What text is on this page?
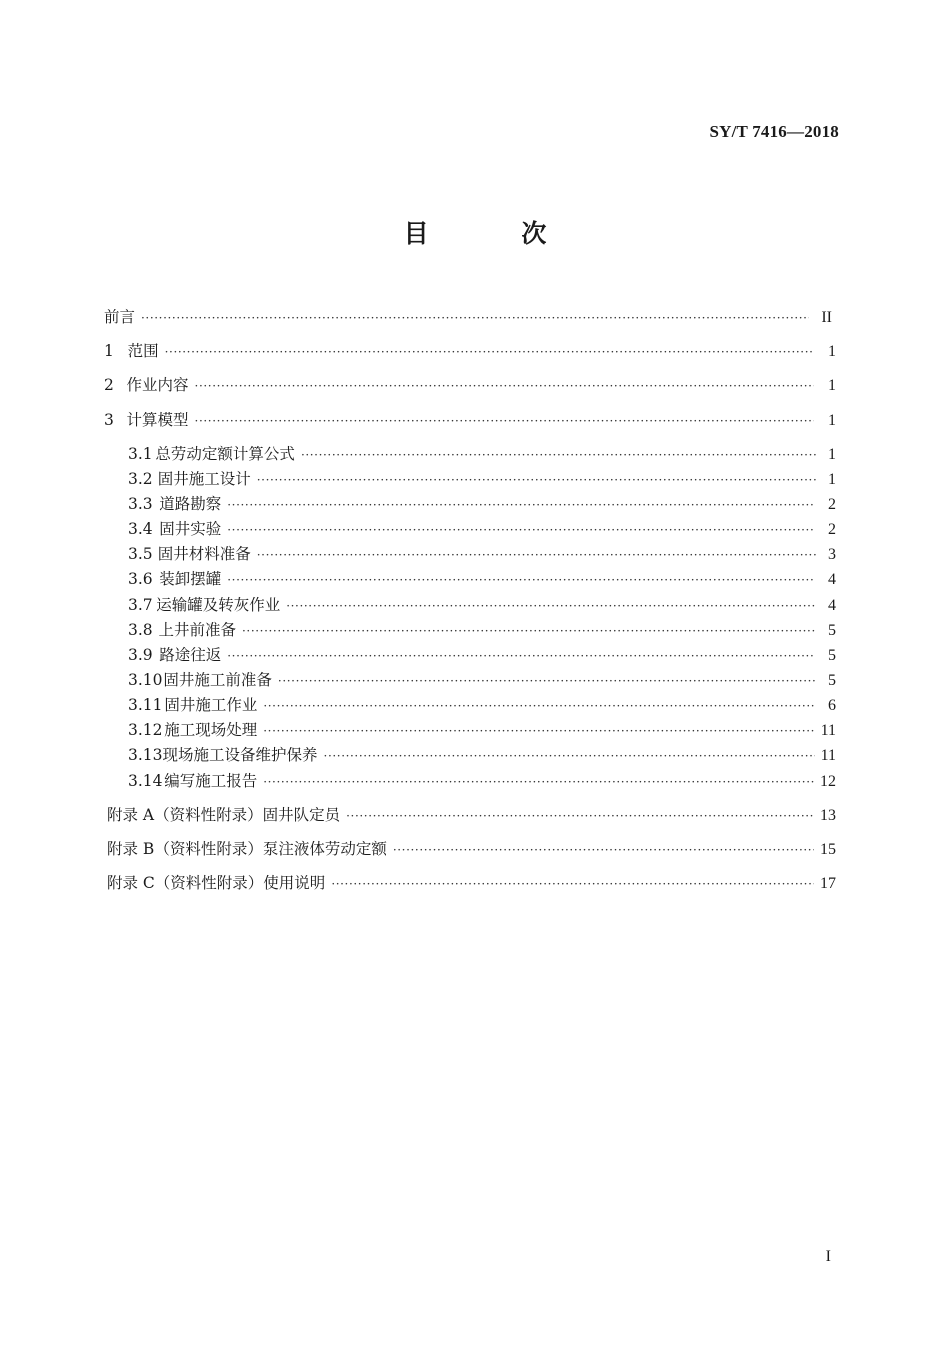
SY/T 7416—2018
目 次
前言 ·····	II
1 范围 ·····	1
2 作业内容 ·····	1
3 计算模型 ·····	1
3.1 总劳动定额计算公式 ·····	1
3.2 固井施工设计 ·····	1
3.3 道路勘察 ·····	2
3.4 固井实验 ·····	2
3.5 固井材料准备 ·····	3
3.6 装卸摆罐 ·····	4
3.7 运输罐及转灰作业 ·····	4
3.8 上井前准备 ·····	5
3.9 路途往返 ·····	5
3.10 固井施工前准备 ·····	5
3.11 固井施工作业 ·····	6
3.12 施工现场处理 ·····	11
3.13 现场施工设备维护保养 ·····	11
3.14 编写施工报告 ·····	12
附录 A（资料性附录） 固井队定员 ·····	13
附录 B（资料性附录） 泵注液体劳动定额 ·····	15
附录 C（资料性附录） 使用说明 ·····	17
I
